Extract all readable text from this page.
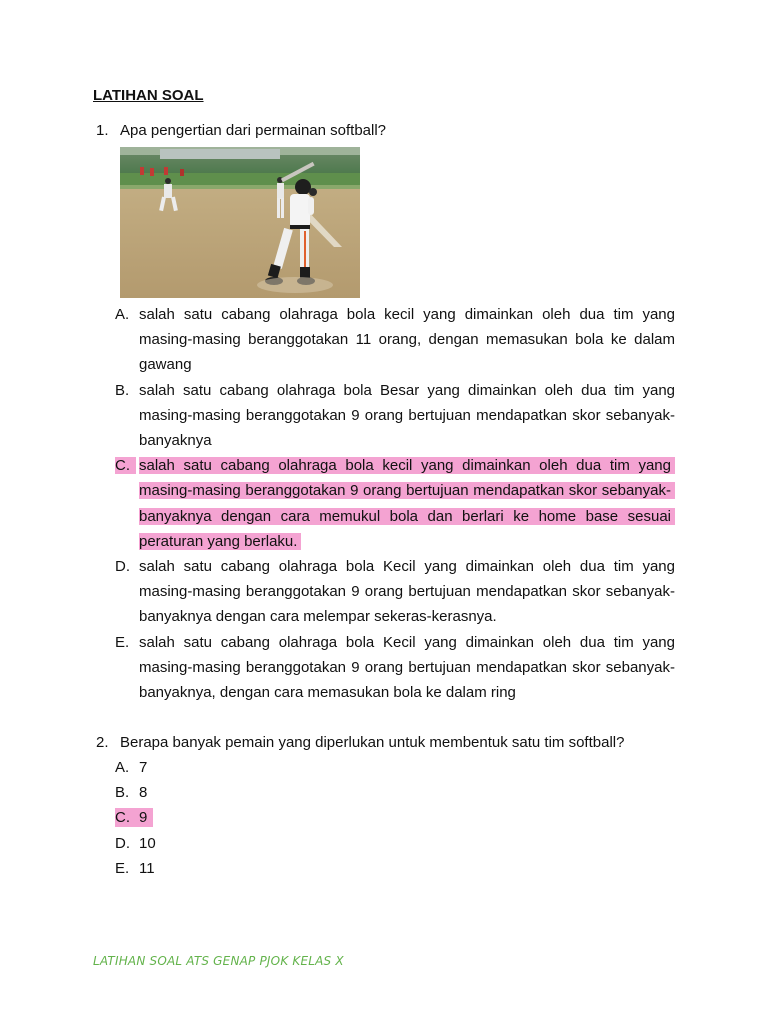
LATIHAN SOAL
1. Apa pengertian dari permainan softball?
A. salah satu cabang olahraga bola kecil yang dimainkan oleh dua tim yang masing-masing beranggotakan 11 orang, dengan memasukan bola ke dalam gawang
B. salah satu cabang olahraga bola Besar yang dimainkan oleh dua tim yang masing-masing beranggotakan 9 orang bertujuan mendapatkan skor sebanyak-banyaknya
C. salah satu cabang olahraga bola kecil yang dimainkan oleh dua tim yang masing-masing beranggotakan 9 orang bertujuan mendapatkan skor sebanyak-banyaknya dengan cara memukul bola dan berlari ke home base sesuai peraturan yang berlaku.
D. salah satu cabang olahraga bola Kecil yang dimainkan oleh dua tim yang masing-masing beranggotakan 9 orang bertujuan mendapatkan skor sebanyak-banyaknya dengan cara melempar sekeras-kerasnya.
E. salah satu cabang olahraga bola Kecil yang dimainkan oleh dua tim yang masing-masing beranggotakan 9 orang bertujuan mendapatkan skor sebanyak-banyaknya, dengan cara memasukan bola ke dalam ring
2. Berapa banyak pemain yang diperlukan untuk membentuk satu tim softball?
A. 7
B. 8
C. 9
D. 10
E. 11
LATIHAN SOAL ATS GENAP PJOK KELAS X
